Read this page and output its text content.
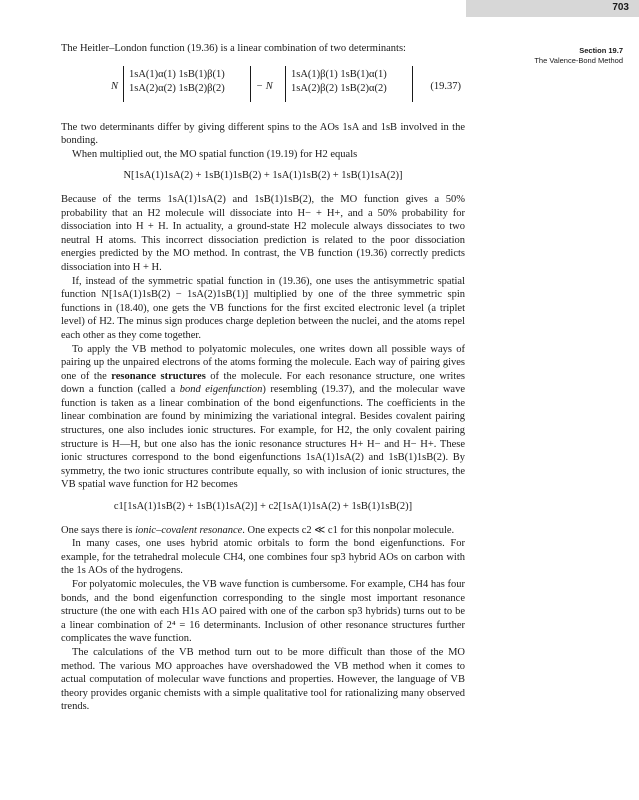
703
Section 19.7
The Valence-Bond Method

The Heitler–London function (19.36) is a linear combination of two determinants:

N
1sA(1)α(1) 1sB(1)β(1)
1sA(2)α(2) 1sB(2)β(2)	− N
1sA(1)β(1) 1sB(1)α(1)
1sA(2)β(2) 1sB(2)α(2)	(19.37)

The two determinants differ by giving different spins to the AOs 1sA and 1sB involved in the bonding.

When multiplied out, the MO spatial function (19.19) for H2 equals

N[1sA(1)1sA(2) + 1sB(1)1sB(2) + 1sA(1)1sB(2) + 1sB(1)1sA(2)]

Because of the terms 1sA(1)1sA(2) and 1sB(1)1sB(2), the MO function gives a 50% probability that an H2 molecule will dissociate into H− + H+, and a 50% probability for dissociation into H + H. In actuality, a ground-state H2 molecule always dissociates to two neutral H atoms. This incorrect dissociation prediction is related to the poor dissociation energies predicted by the MO method. In contrast, the VB function (19.36) correctly predicts dissociation into H + H.

If, instead of the symmetric spatial function in (19.36), one uses the antisymmetric spatial function N[1sA(1)1sB(2) − 1sA(2)1sB(1)] multiplied by one of the three symmetric spin functions in (18.40), one gets the VB functions for the first excited electronic level (a triplet level) of H2. The minus sign produces charge depletion between the nuclei, and the atoms repel each other as they come together.

To apply the VB method to polyatomic molecules, one writes down all possible ways of pairing up the unpaired electrons of the atoms forming the molecule. Each way of pairing gives one of the resonance structures of the molecule. For each resonance structure, one writes down a function (called a bond eigenfunction) resembling (19.37), and the molecular wave function is taken as a linear combination of the bond eigenfunctions. The coefficients in the linear combination are found by minimizing the variational integral. Besides covalent pairing structures, one also includes ionic structures. For example, for H2, the only covalent pairing structure is H—H, but one also has the ionic resonance structures H+ H− and H− H+. These ionic structures correspond to the bond eigenfunctions 1sA(1)1sA(2) and 1sB(1)1sB(2). By symmetry, the two ionic structures contribute equally, so with inclusion of ionic structures, the VB spatial wave function for H2 becomes

c1[1sA(1)1sB(2) + 1sB(1)1sA(2)] + c2[1sA(1)1sA(2) + 1sB(1)1sB(2)]

One says there is ionic–covalent resonance. One expects c2 ≪ c1 for this nonpolar molecule.

In many cases, one uses hybrid atomic orbitals to form the bond eigenfunctions. For example, for the tetrahedral molecule CH4, one combines four sp3 hybrid AOs on carbon with the 1s AOs of the hydrogens.

For polyatomic molecules, the VB wave function is cumbersome. For example, CH4 has four bonds, and the bond eigenfunction corresponding to the single most important resonance structure (the one with each H1s AO paired with one of the carbon sp3 hybrids) turns out to be a linear combination of 2⁴ = 16 determinants. Inclusion of other resonance structures further complicates the wave function.

The calculations of the VB method turn out to be more difficult than those of the MO method. The various MO approaches have overshadowed the VB method when it comes to actual computation of molecular wave functions and properties. However, the language of VB theory provides organic chemists with a simple qualitative tool for rationalizing many observed trends.
